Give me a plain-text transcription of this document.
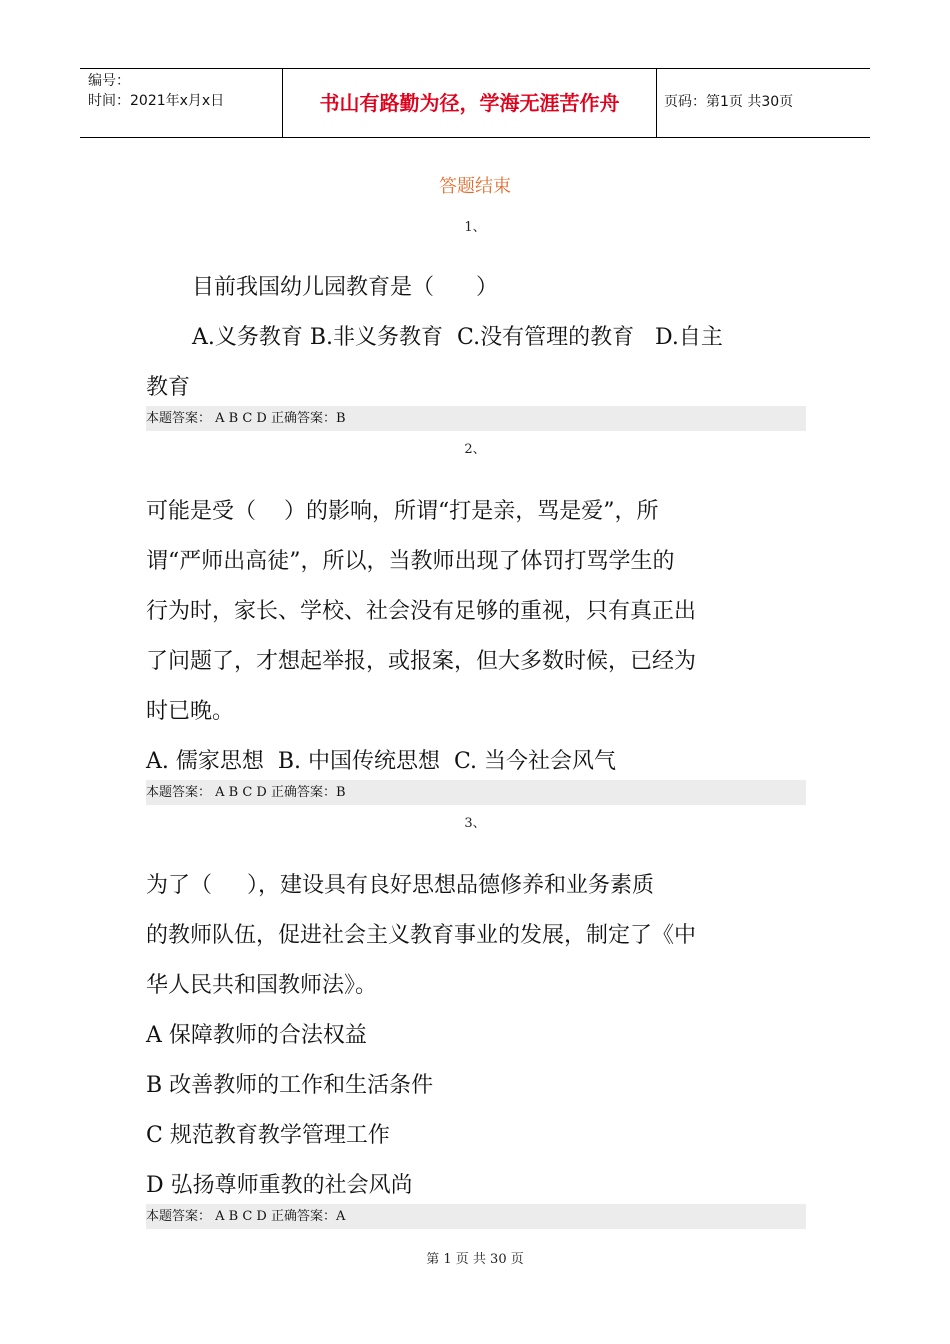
编号：
时间：2021年x月x日	书山有路勤为径，学海无涯苦作舟	页码：第1页 共30页
答题结束
1、
目前我国幼儿园教育是（      ）
A.义务教育 B.非义务教育  C.没有管理的教育   D.自主
教育
本题答案： A B C D 正确答案：B
2、
可能是受（    ）的影响，所谓“打是亲，骂是爱”，所
谓“严师出高徒”，所以，当教师出现了体罚打骂学生的
行为时，家长、学校、社会没有足够的重视，只有真正出
了问题了，才想起举报，或报案，但大多数时候，已经为
时已晚。
A. 儒家思想  B. 中国传统思想  C. 当今社会风气
本题答案： A B C D 正确答案：B
3、
为了（     ），建设具有良好思想品德修养和业务素质
的教师队伍，促进社会主义教育事业的发展，制定了《中
华人民共和国教师法》。
A 保障教师的合法权益
B 改善教师的工作和生活条件
C 规范教育教学管理工作
D 弘扬尊师重教的社会风尚
本题答案： A B C D 正确答案：A
第 1 页 共 30 页
